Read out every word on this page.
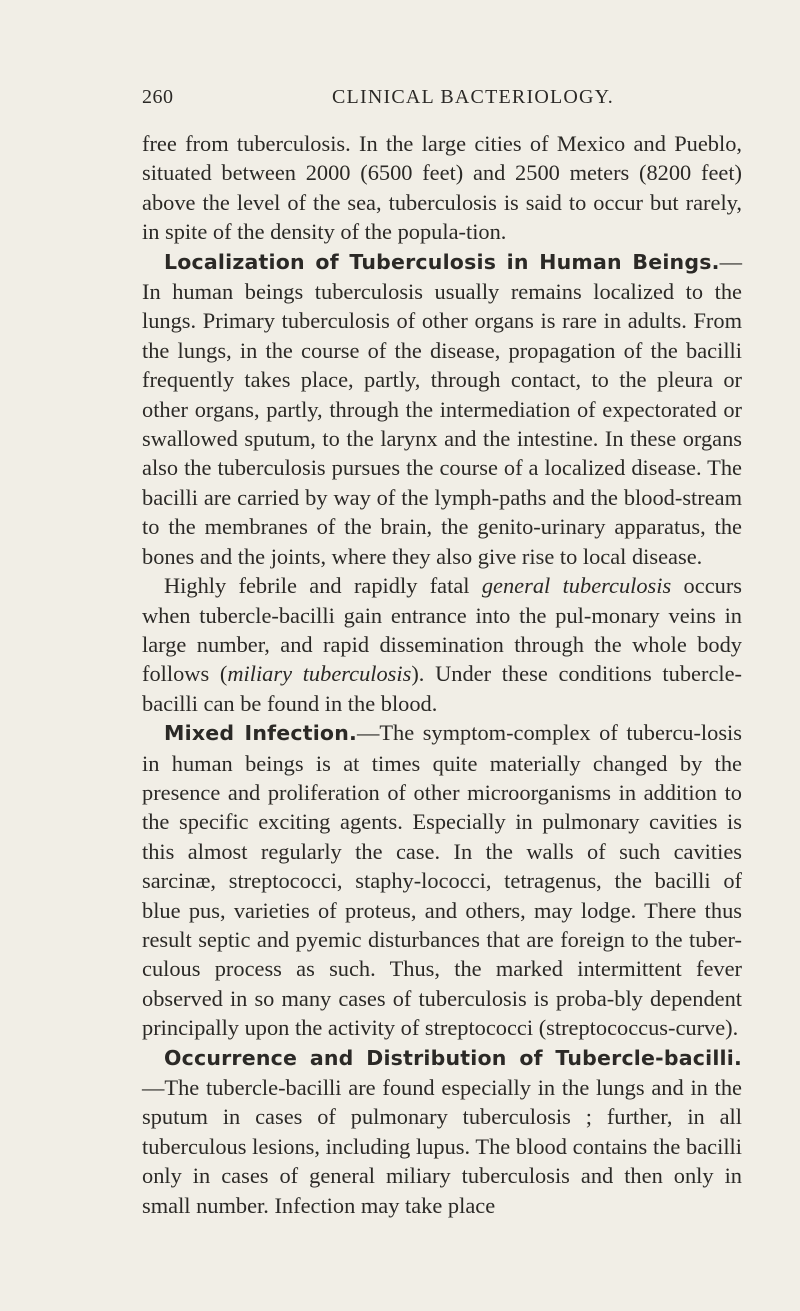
260	CLINICAL BACTERIOLOGY.

free from tuberculosis. In the large cities of Mexico and Pueblo, situated between 2000 (6500 feet) and 2500 meters (8200 feet) above the level of the sea, tuberculosis is said to occur but rarely, in spite of the density of the popula-tion.

Localization of Tuberculosis in Human Beings.—In human beings tuberculosis usually remains localized to the lungs. Primary tuberculosis of other organs is rare in adults. From the lungs, in the course of the disease, propagation of the bacilli frequently takes place, partly, through contact, to the pleura or other organs, partly, through the intermediation of expectorated or swallowed sputum, to the larynx and the intestine. In these organs also the tuberculosis pursues the course of a localized disease. The bacilli are carried by way of the lymph-paths and the blood-stream to the membranes of the brain, the genito-urinary apparatus, the bones and the joints, where they also give rise to local disease.

Highly febrile and rapidly fatal general tuberculosis occurs when tubercle-bacilli gain entrance into the pul-monary veins in large number, and rapid dissemination through the whole body follows (miliary tuberculosis). Under these conditions tubercle-bacilli can be found in the blood.

Mixed Infection.—The symptom-complex of tubercu-losis in human beings is at times quite materially changed by the presence and proliferation of other microorganisms in addition to the specific exciting agents. Especially in pulmonary cavities is this almost regularly the case. In the walls of such cavities sarcinæ, streptococci, staphy-lococci, tetragenus, the bacilli of blue pus, varieties of proteus, and others, may lodge. There thus result septic and pyemic disturbances that are foreign to the tuber-culous process as such. Thus, the marked intermittent fever observed in so many cases of tuberculosis is proba-bly dependent principally upon the activity of streptococci (streptococcus-curve).

Occurrence and Distribution of Tubercle-bacilli.—The tubercle-bacilli are found especially in the lungs and in the sputum in cases of pulmonary tuberculosis ; further, in all tuberculous lesions, including lupus. The blood contains the bacilli only in cases of general miliary tuberculosis and then only in small number. Infection may take place
